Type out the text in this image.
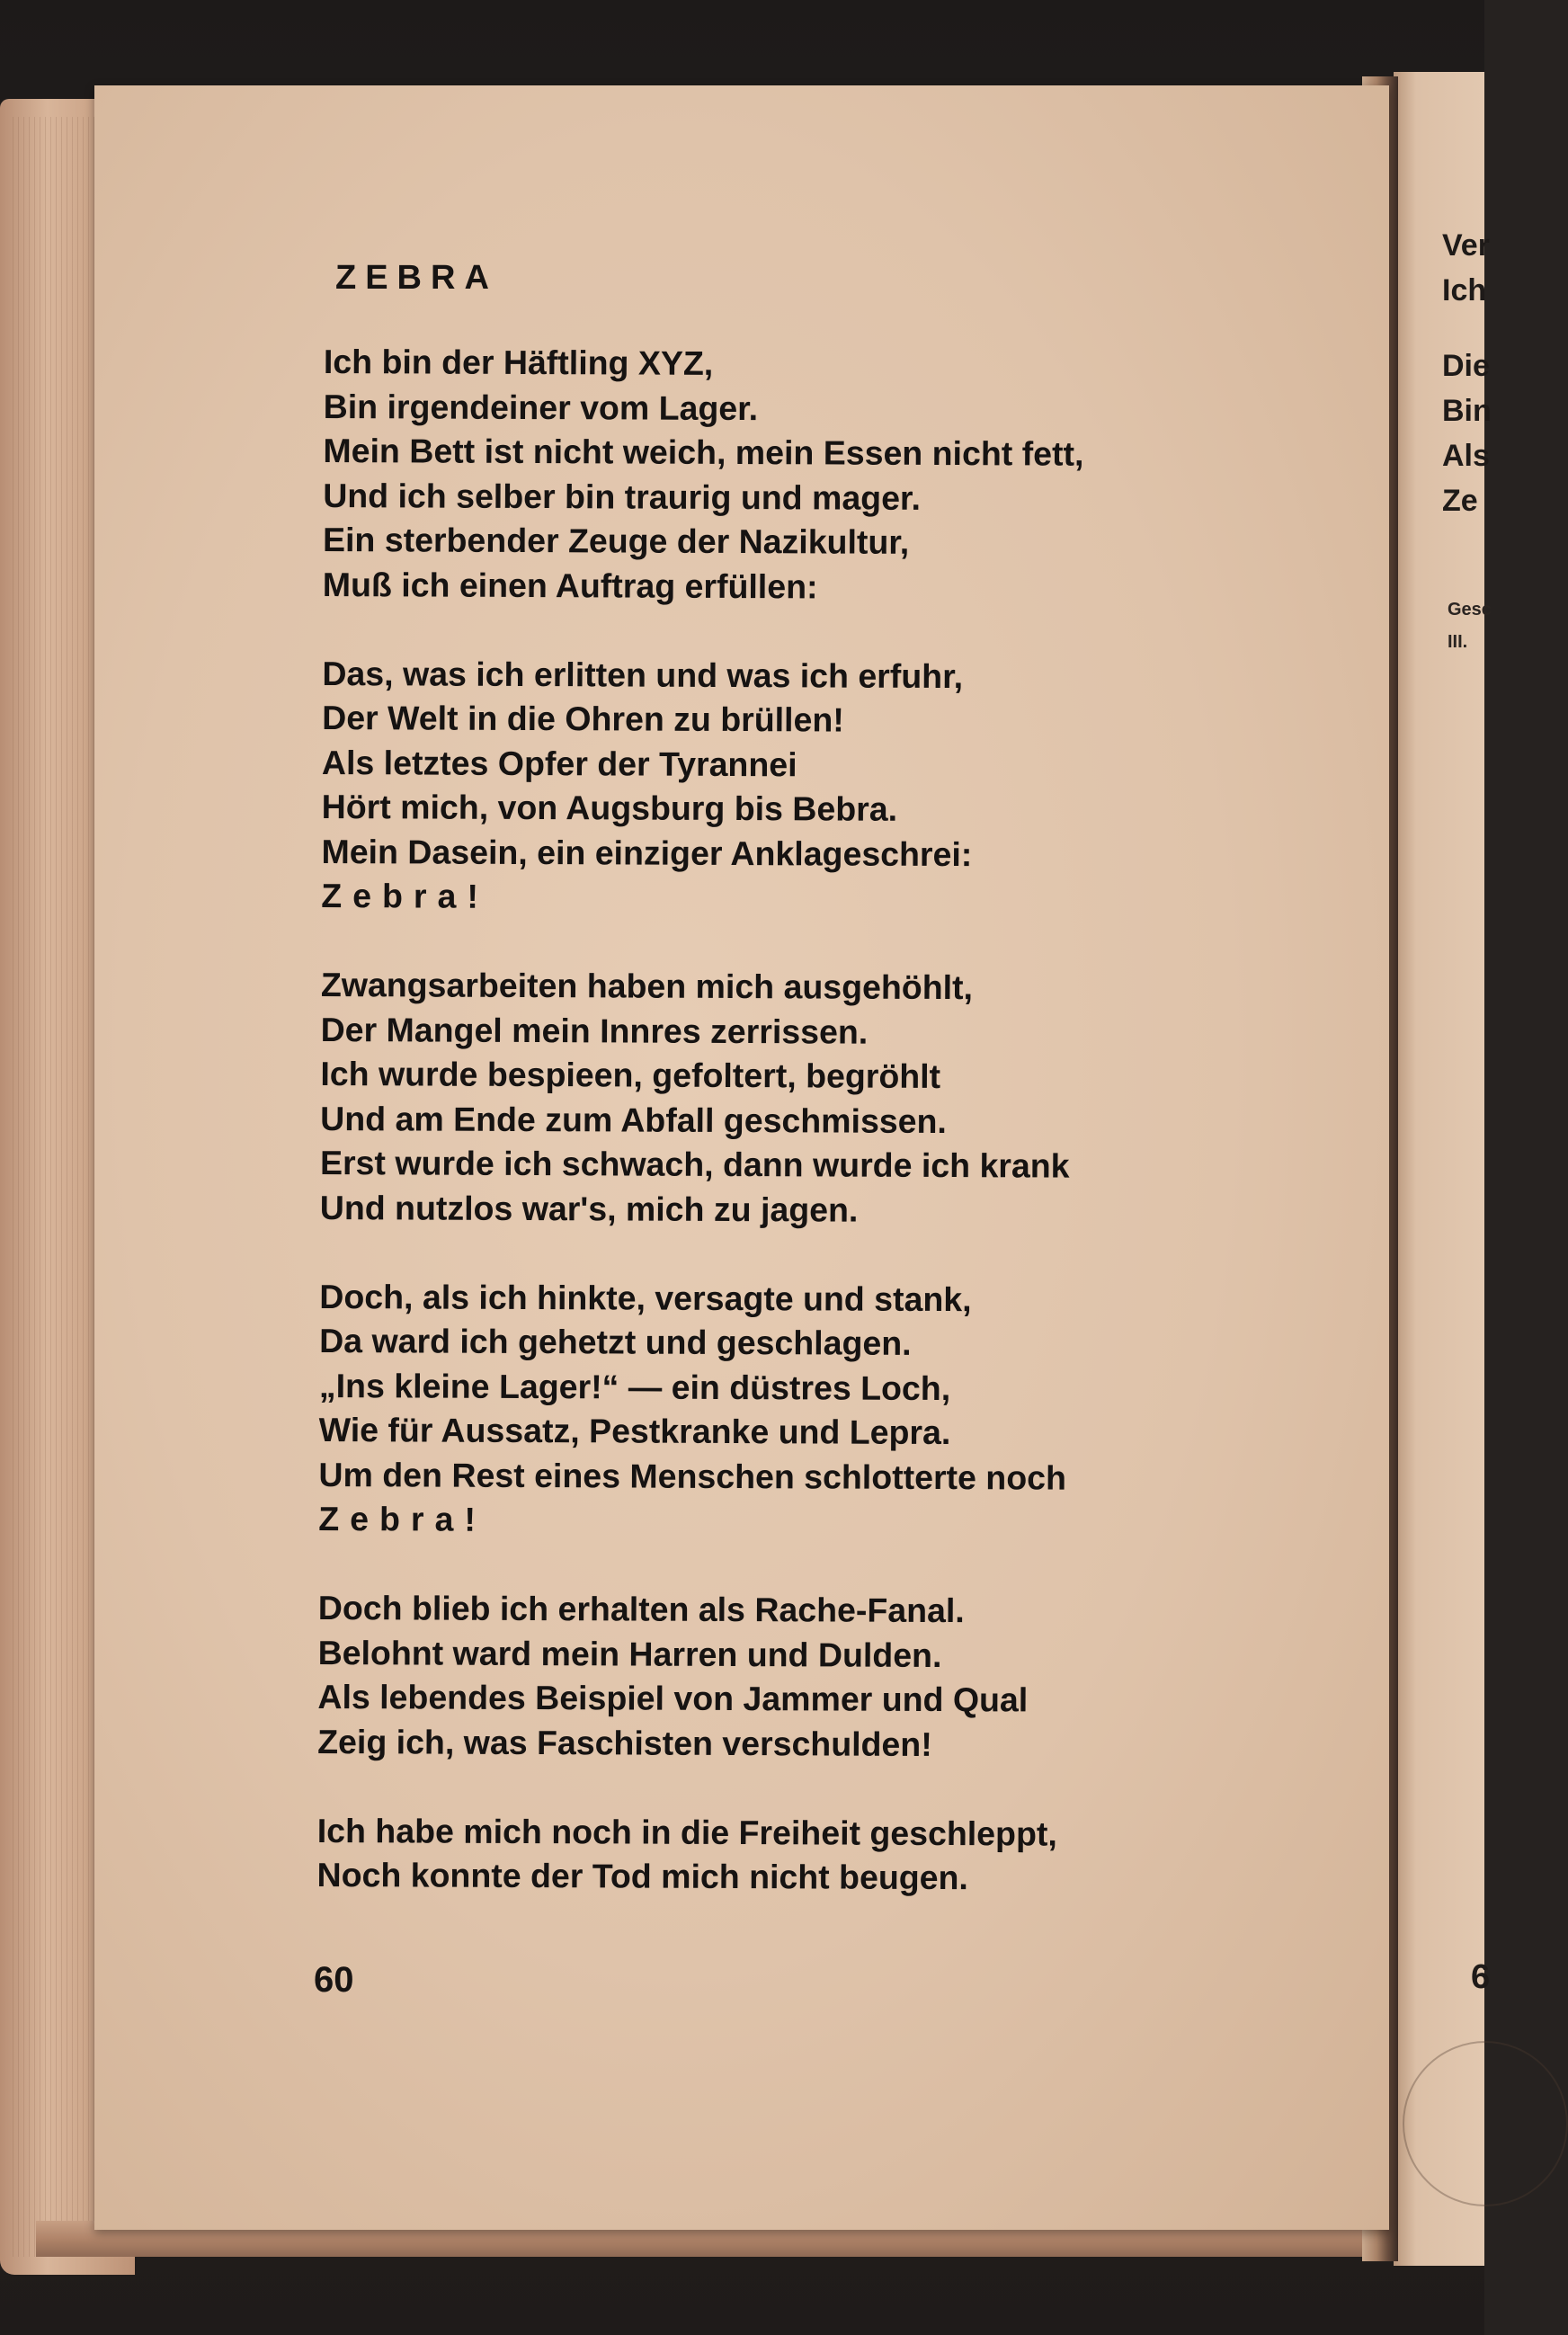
ZEBRA
Ich bin der Häftling XYZ,
Bin irgendeiner vom Lager.
Mein Bett ist nicht weich, mein Essen nicht fett,
Und ich selber bin traurig und mager.
Ein sterbender Zeuge der Nazikultur,
Muß ich einen Auftrag erfüllen:
Das, was ich erlitten und was ich erfuhr,
Der Welt in die Ohren zu brüllen!
Als letztes Opfer der Tyrannei
Hört mich, von Augsburg bis Bebra.
Mein Dasein, ein einziger Anklageschrei:
Zebra!
Zwangsarbeiten haben mich ausgehöhlt,
Der Mangel mein Innres zerrissen.
Ich wurde bespieen, gefoltert, begröhlt
Und am Ende zum Abfall geschmissen.
Erst wurde ich schwach, dann wurde ich krank
Und nutzlos war's, mich zu jagen.
Doch, als ich hinkte, versagte und stank,
Da ward ich gehetzt und geschlagen.
„Ins kleine Lager!“ — ein düstres Loch,
Wie für Aussatz, Pestkranke und Lepra.
Um den Rest eines Menschen schlotterte noch
Zebra!
Doch blieb ich erhalten als Rache-Fanal.
Belohnt ward mein Harren und Dulden.
Als lebendes Beispiel von Jammer und Qual
Zeig ich, was Faschisten verschulden!
Ich habe mich noch in die Freiheit geschleppt,
Noch konnte der Tod mich nicht beugen.
60
Ver
Ich
Die
Bin
Als
Ze
Gesc
III.
6
